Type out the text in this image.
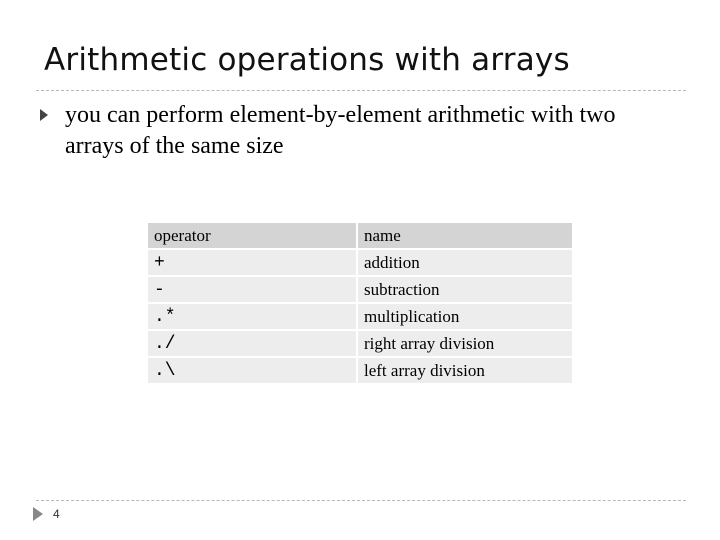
Arithmetic operations with arrays
you can perform element-by-element arithmetic with two arrays of the same size
operator	name
+	addition
-	subtraction
.*	multiplication
./	right array division
.\	left array division
4
